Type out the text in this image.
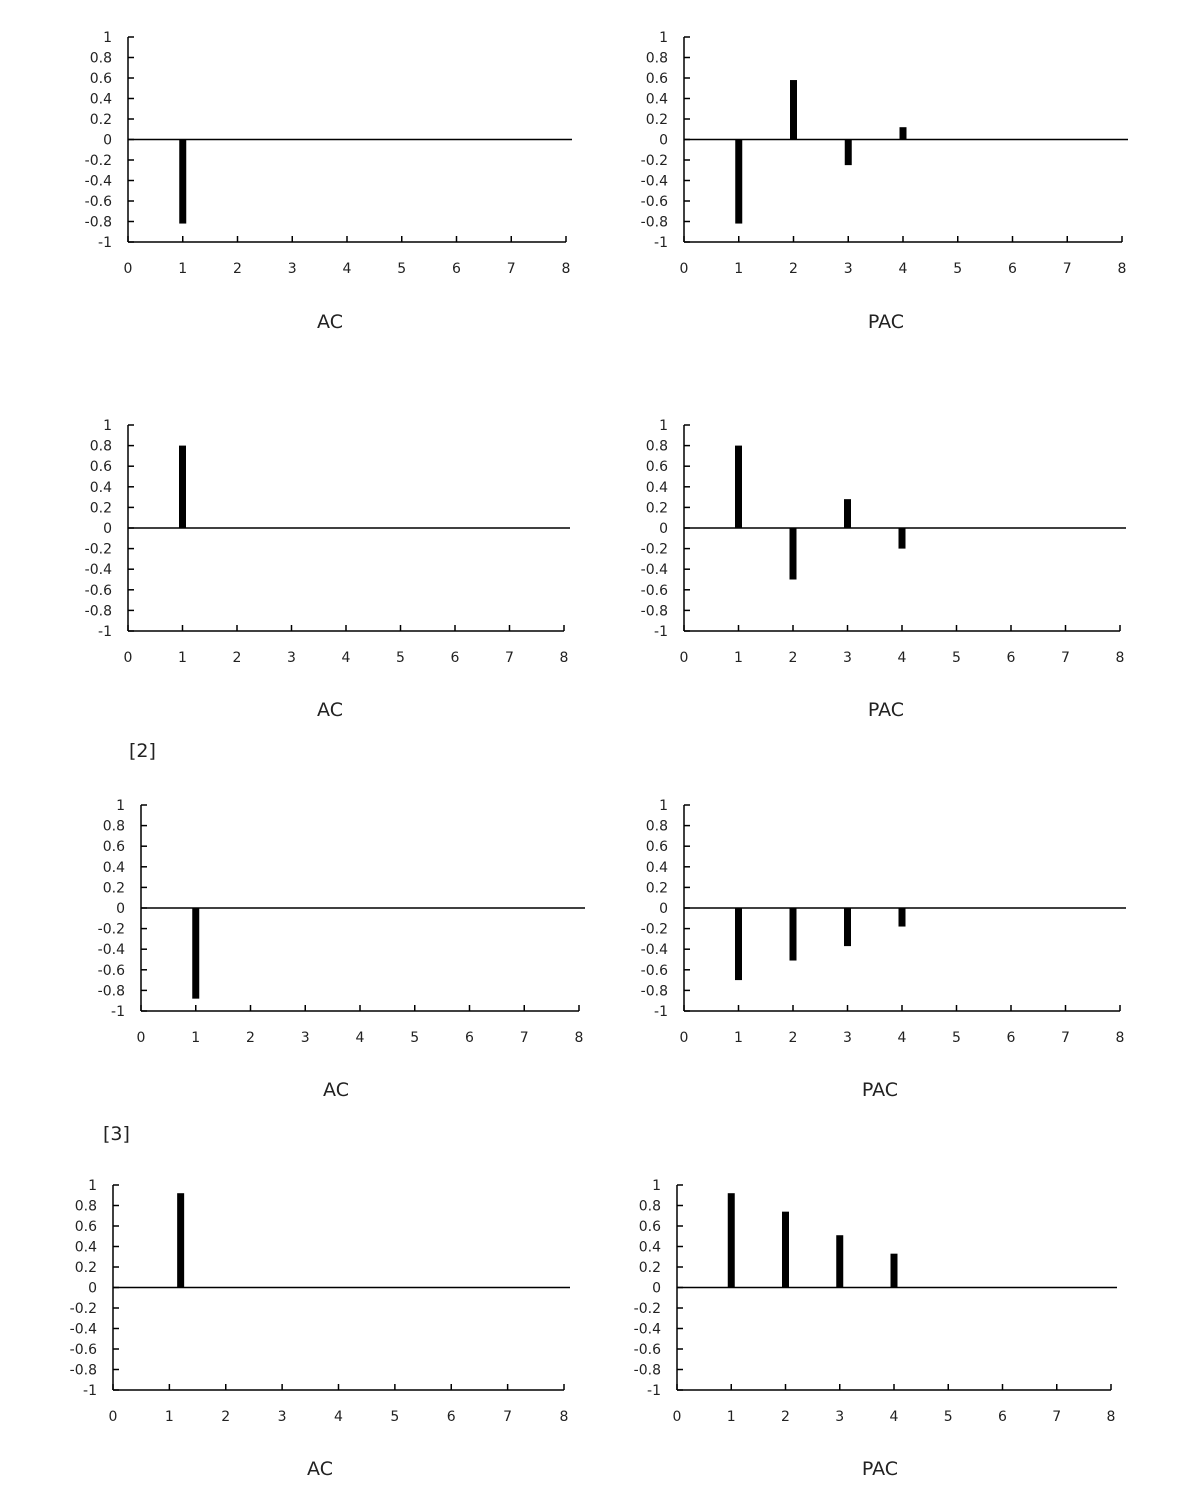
1
0.8
0.6
0.4
0.2
0
-0.2
-0.4
-0.6
-0.8
-1
0	1	2	3	4	5	6	7	8
AC
1
0.8
0.6
0.4
0.2
0
-0.2
-0.4
-0.6
-0.8
-1
0	1	2	3	4	5	6	7	8
PAC
1
0.8
0.6
0.4
0.2
0
-0.2
-0.4
-0.6
-0.8
-1
0	1	2	3	4	5	6	7	8
AC
[2]
1
0.8
0.6
0.4
0.2
0
-0.2
-0.4
-0.6
-0.8
-1
0	1	2	3	4	5	6	7	8
PAC
1
0.8
0.6
0.4
0.2
0
-0.2
-0.4
-0.6
-0.8
-1
0	1	2	3	4	5	6	7	8
AC
[3]
1
0.8
0.6
0.4
0.2
0
-0.2
-0.4
-0.6
-0.8
-1
0	1	2	3	4	5	6	7	8
PAC
1
0.8
0.6
0.4
0.2
0
-0.2
-0.4
-0.6
-0.8
-1
0	1	2	3	4	5	6	7	8
AC
1
0.8
0.6
0.4
0.2
0
-0.2
-0.4
-0.6
-0.8
-1
0	1	2	3	4	5	6	7	8
PAC
